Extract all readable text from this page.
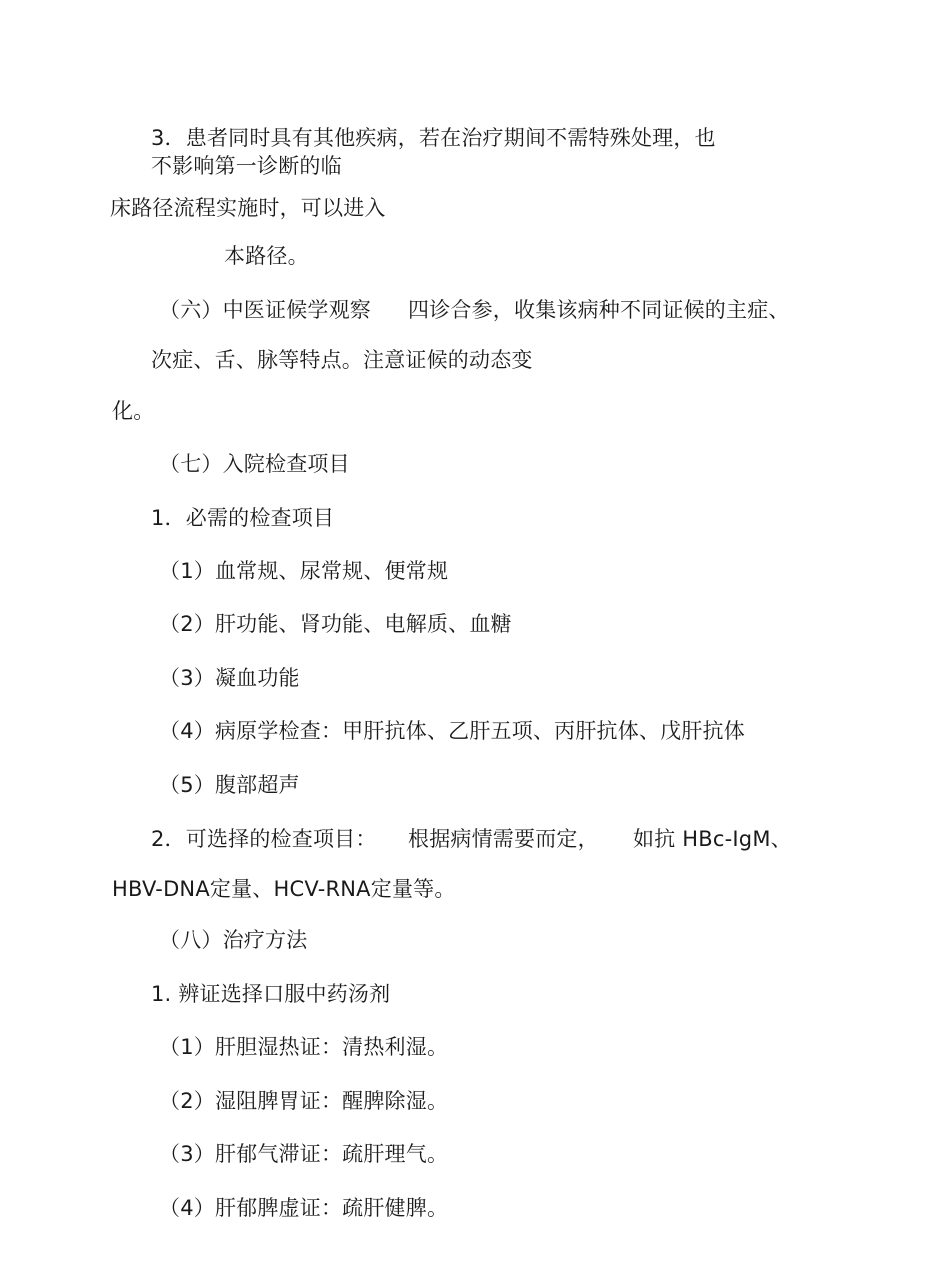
3．患者同时具有其他疾病，若在治疗期间不需特殊处理，也
不影响第一诊断的临
床路径流程实施时，可以进入
本路径。
（六）中医证候学观察 四诊合参，收集该病种不同证候的主症、
次症、舌、脉等特点。注意证候的动态变
化。
（七）入院检查项目
1．必需的检查项目
（1）血常规、尿常规、便常规
（2）肝功能、肾功能、电解质、血糖
（3）凝血功能
（4）病原学检查：甲肝抗体、乙肝五项、丙肝抗体、戊肝抗体
（5）腹部超声
2．可选择的检查项目： 根据病情需要而定， 如抗 HBc-IgM、
HBV-DNA定量、HCV-RNA定量等。
（八）治疗方法
1. 辨证选择口服中药汤剂
（1）肝胆湿热证：清热利湿。
（2）湿阻脾胃证：醒脾除湿。
（3）肝郁气滞证：疏肝理气。
（4）肝郁脾虚证：疏肝健脾。
